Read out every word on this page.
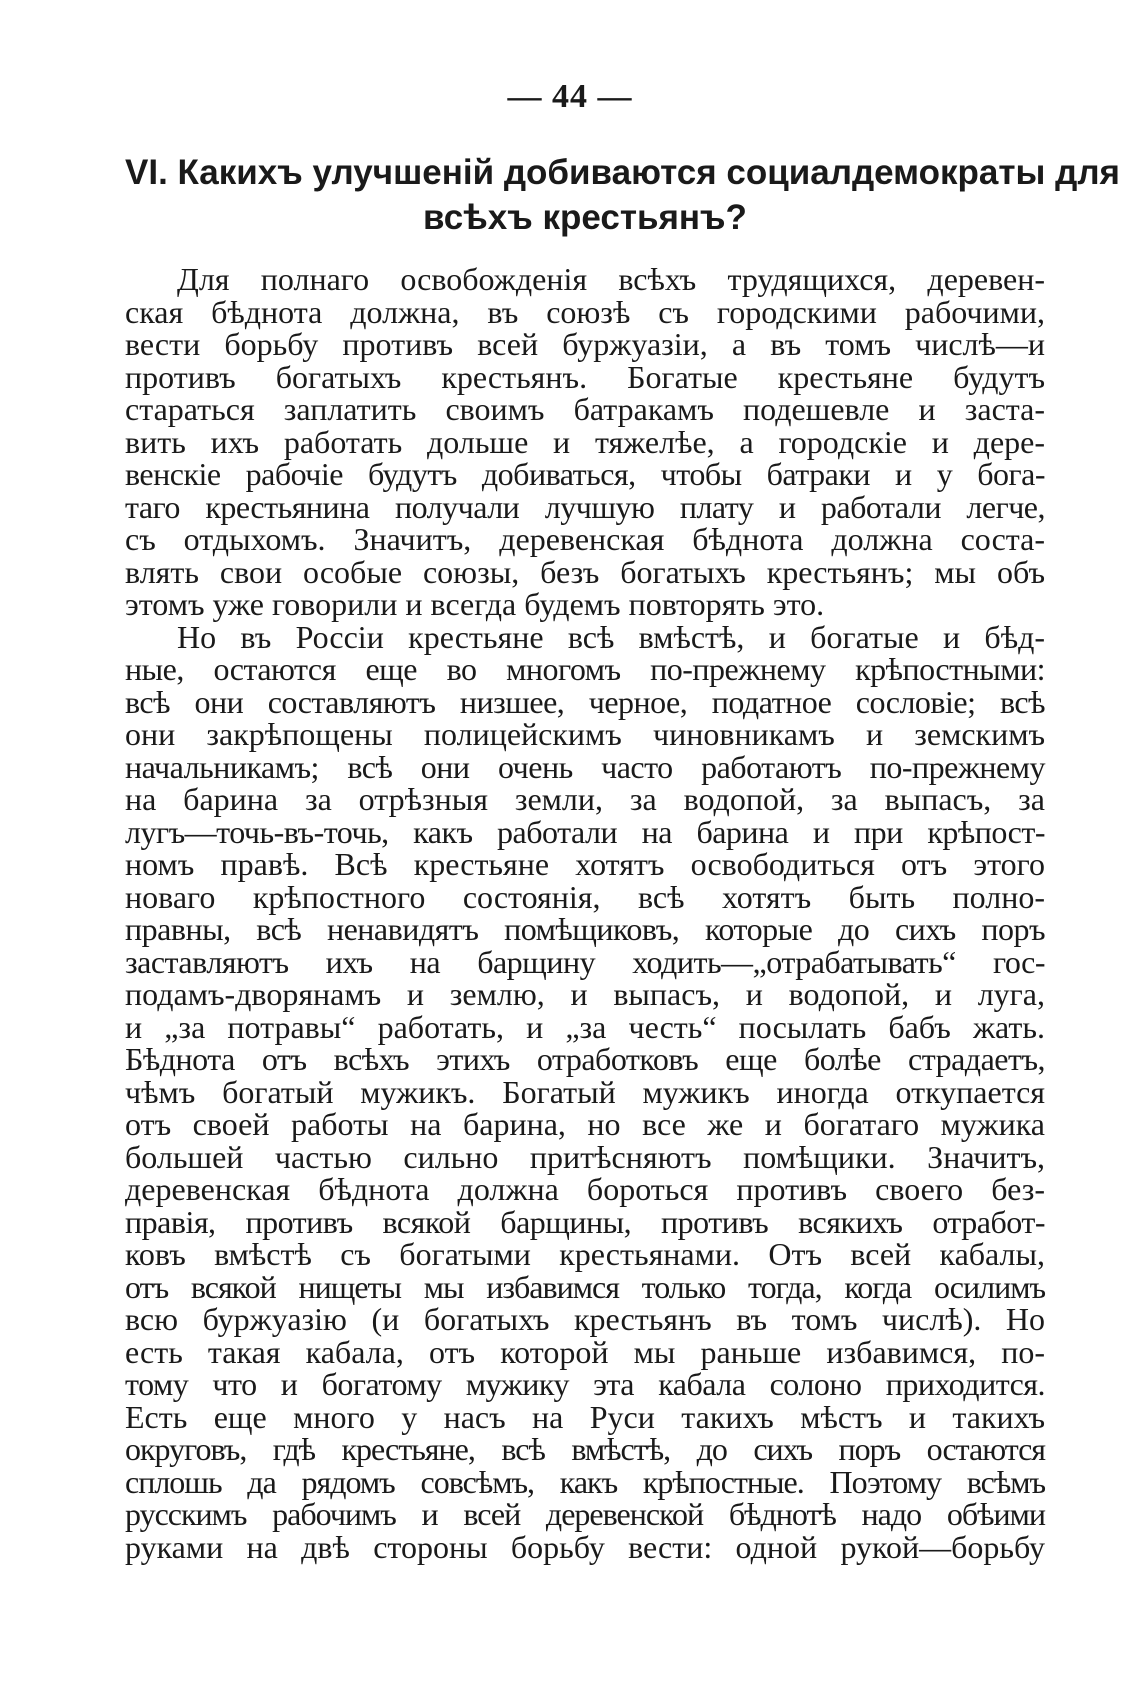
— 44 —
VI. Какихъ улучшеній добиваются социалдемократы для
всѣхъ крестьянъ?
Для полнаго освобожденія всѣхъ трудящихся, деревен-
ская бѣднота должна, въ союзѣ съ городскими рабочими,
вести борьбу противъ всей буржуазіи, а въ томъ числѣ—и
противъ богатыхъ крестьянъ. Богатые крестьяне будутъ
стараться заплатить своимъ батракамъ подешевле и заста-
вить ихъ работать дольше и тяжелѣе, а городскіе и дере-
венскіе рабочіе будутъ добиваться, чтобы батраки и у бога-
таго крестьянина получали лучшую плату и работали легче,
съ отдыхомъ. Значитъ, деревенская бѣднота должна соста-
влять свои особые союзы, безъ богатыхъ крестьянъ; мы объ
этомъ уже говорили и всегда будемъ повторять это.
Но въ Россіи крестьяне всѣ вмѣстѣ, и богатые и бѣд-
ные, остаются еще во многомъ по-прежнему крѣпостными:
всѣ они составляютъ низшее, черное, податное сословіе; всѣ
они закрѣпощены полицейскимъ чиновникамъ и земскимъ
начальникамъ; всѣ они очень часто работаютъ по-прежнему
на барина за отрѣзныя земли, за водопой, за выпасъ, за
лугъ—точь-въ-точь, какъ работали на барина и при крѣпост-
номъ правѣ. Всѣ крестьяне хотятъ освободиться отъ этого
новаго крѣпостного состоянія, всѣ хотятъ быть полно-
правны, всѣ ненавидятъ помѣщиковъ, которые до сихъ поръ
заставляютъ ихъ на барщину ходить—„отрабатывать“ гос-
подамъ-дворянамъ и землю, и выпасъ, и водопой, и луга,
и „за потравы“ работать, и „за честь“ посылать бабъ жать.
Бѣднота отъ всѣхъ этихъ отработковъ еще болѣе страдаетъ,
чѣмъ богатый мужикъ. Богатый мужикъ иногда откупается
отъ своей работы на барина, но все же и богатаго мужика
большей частью сильно притѣсняютъ помѣщики. Значитъ,
деревенская бѣднота должна бороться противъ своего без-
правія, противъ всякой барщины, противъ всякихъ отработ-
ковъ вмѣстѣ съ богатыми крестьянами. Отъ всей кабалы,
отъ всякой нищеты мы избавимся только тогда, когда осилимъ
всю буржуазію (и богатыхъ крестьянъ въ томъ числѣ). Но
есть такая кабала, отъ которой мы раньше избавимся, по-
тому что и богатому мужику эта кабала солоно приходится.
Есть еще много у насъ на Руси такихъ мѣстъ и такихъ
округовъ, гдѣ крестьяне, всѣ вмѣстѣ, до сихъ поръ остаются
сплошь да рядомъ совсѣмъ, какъ крѣпостные. Поэтому всѣмъ
русскимъ рабочимъ и всей деревенской бѣднотѣ надо обѣими
руками на двѣ стороны борьбу вести: одной рукой—борьбу
